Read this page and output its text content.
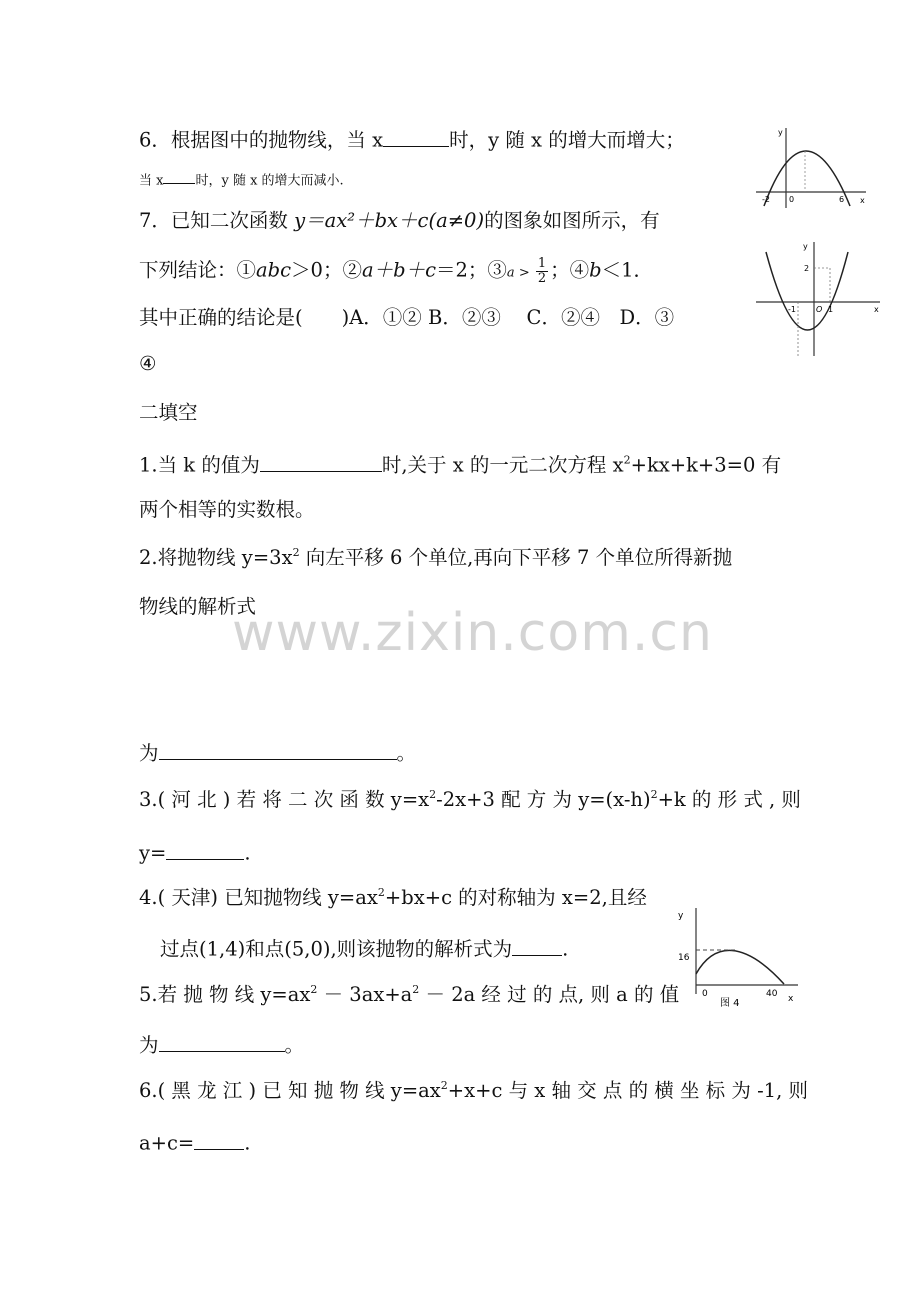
www.zixin.com.cn
6．根据图中的抛物线，当 x	时，y 随 x 的增大而增大；
当 x 时，y 随 x 的增大而减小.
7．已知二次函数 y＝ax²＋bx＋c(a≠0)的图象如图所示，有
下列结论：①abc＞0；②a＋b＋c＝2；③a > $\frac{1}{2}$ ；④b＜1．
其中正确的结论是(　　)A．①② B．②③　 C．②④　D．③
④
二填空
1.当 k 的值为	时,关于 x 的一元二次方程 $x^2+kx+k+3=0$ 有
两个相等的实数根。
2.将抛物线 $y=3x^2$ 向左平移 6 个单位,再向下平移 7 个单位所得新抛
物线的解析式
为	。
3.( 河 北 ) 若 将 二 次 函 数 $y=x^2-2x+3$ 配 方 为 $y=(x-h)^2+k$ 的 形 式 , 则
y=	.
4.( 天津) 已知抛物线 $y=ax^2+bx+c$ 的对称轴为 x=2,且经
过点(1,4)和点(5,0),则该抛物的解析式为	.
5.若 抛 物 线 $y=ax^2 - 3ax+a^2 - 2a$ 经 过 的 点, 则 a 的 值
为	。
6.( 黑 龙 江 ) 已 知 抛 物 线 $y=ax^2+x+c$ 与 x 轴 交 点 的 横 坐 标 为 -1, 则
a+c=	.
y
x
-2 0	6
y
x
2
-1	O 1
y
x
16
0	40
图 4
